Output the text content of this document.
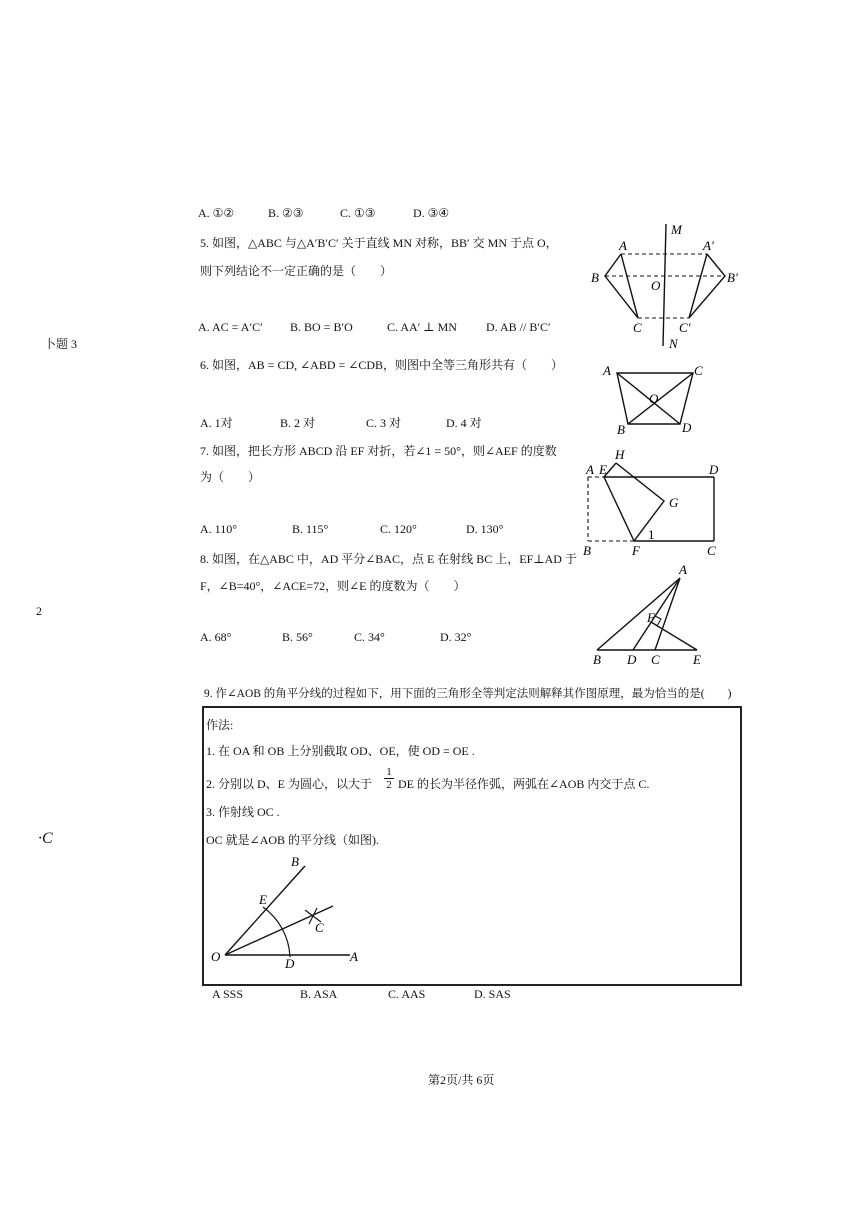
卜题 3
2
·C
A. ①②	B. ②③	C. ①③	D. ③④
5. 如图，△ABC 与△A′B′C′ 关于直线 MN 对称，BB′ 交 MN 于点 O，
则下列结论不一定正确的是（　　）
A. AC = A′C′ B. BO = B′O	C. AA′ ⊥ MN D. AB // B′C′
A	A′
B	B′
C	C′
M
N
O
6. 如图，AB = CD, ∠ABD = ∠CDB，则图中全等三角形共有（　　）
A. 1对	B. 2 对	C. 3 对	D. 4 对
A	C
B	D
O
7. 如图，把长方形 ABCD 沿 EF 对折，若∠1 = 50°，则∠AEF 的度数
为（　　）
A. 110°	B. 115°	C. 120°	D. 130°
A E
H
D
G
B	F	C
1
8. 如图，在△ABC 中，AD 平分∠BAC，点 E 在射线 BC 上，EF⊥AD 于
F，∠B=40°，∠ACE=72，则∠E 的度数为（　　）
A. 68°	B. 56°	C. 34°	D. 32°
A
F
B D C	E
9. 作∠AOB 的角平分线的过程如下，用下面的三角形全等判定法则解释其作图原理，最为恰当的是(　　)
作法:
1. 在 OA 和 OB 上分别截取 OD、OE，使 OD = OE .
2. 分别以 D、E 为圆心，以大于 $\frac{1}{2}$ DE 的长为半径作弧，两弧在∠AOB 内交于点 C.
3. 作射线 OC .
OC 就是∠AOB 的平分线（如图).
B
E
C
O	D	A
A SSS	B. ASA	C. AAS	D. SAS
第2页/共 6页
